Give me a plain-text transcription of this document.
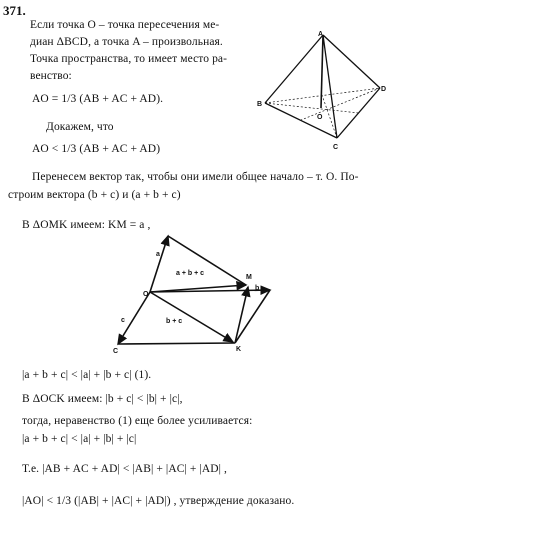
371.
Если точка O – точка пересечения ме-
диан ΔBCD, а точка A – произвольная.
Точка пространства, то имеет место ра-
венство:
AO = 1/3 (AB + AC + AD).
Докажем, что
AO < 1/3 (AB + AC + AD)
A
B
C
D
O
Перенесем вектор так, чтобы они имели общее начало – т. O. По-
строим вектора (b + c) и (a + b + c)
В ΔOMK имеем: KM = a ,
O
M
K
C
a
b
c	b + c
a + b + c
|a + b + c| < |a| + |b + c| (1).
В ΔOCK имеем: |b + c| < |b| + |c|,
тогда, неравенство (1) еще более усиливается:
|a + b + c| < |a| + |b| + |c|
Т.е. |AB + AC + AD| < |AB| + |AC| + |AD| ,
|AO| < 1/3 (|AB| + |AC| + |AD|) , утверждение доказано.
